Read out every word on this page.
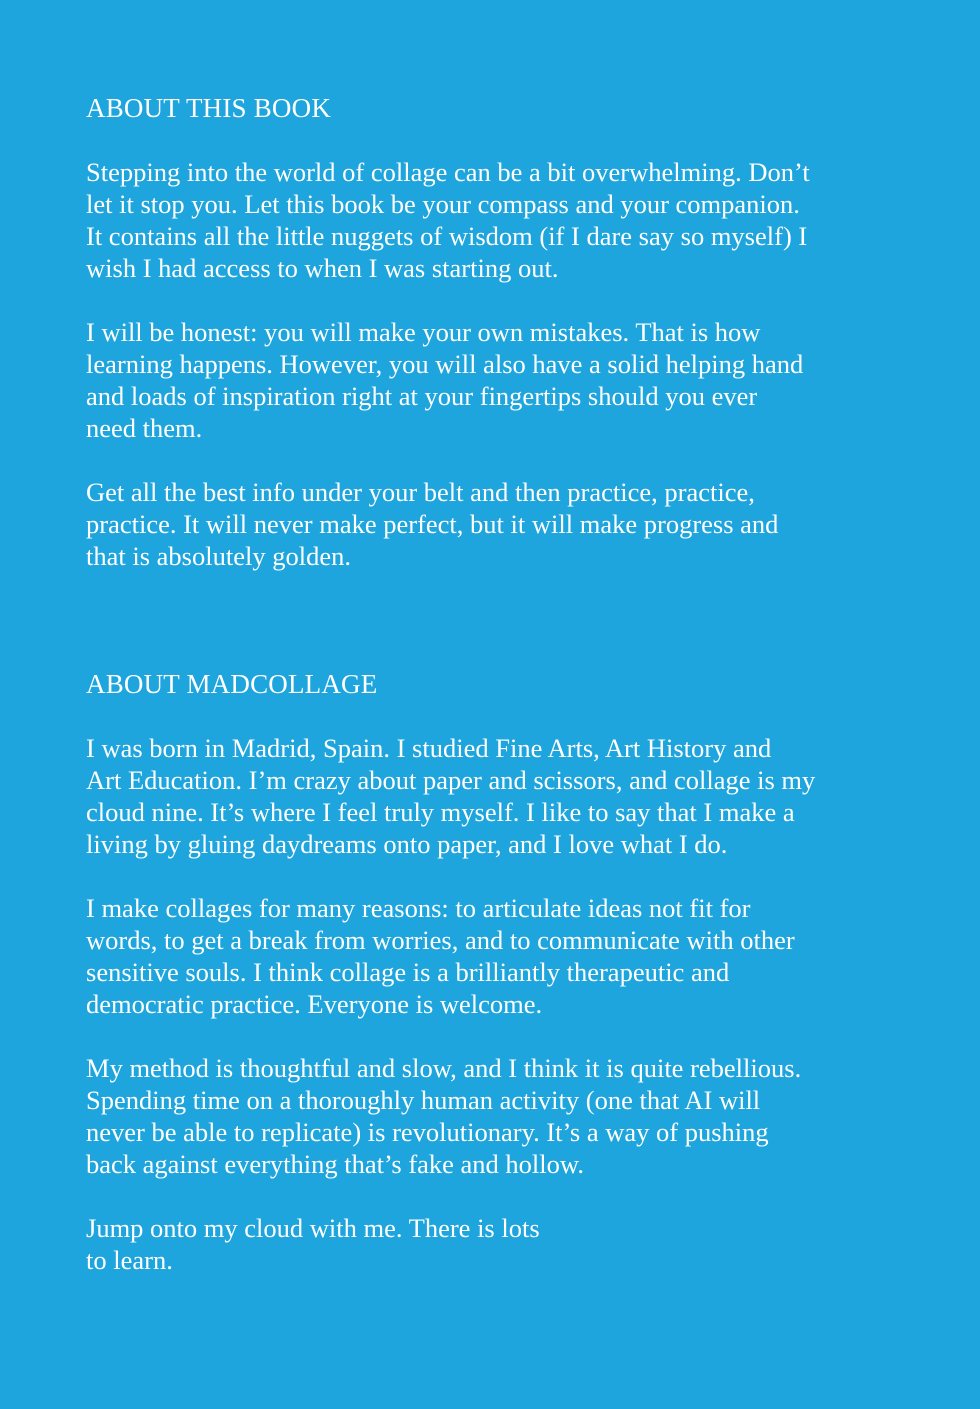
ABOUT THIS BOOK

Stepping into the world of collage can be a bit overwhelming. Don’t
let it stop you. Let this book be your compass and your companion.
It contains all the little nuggets of wisdom (if I dare say so myself) I
wish I had access to when I was starting out.

I will be honest: you will make your own mistakes. That is how
learning happens. However, you will also have a solid helping hand
and loads of inspiration right at your fingertips should you ever
need them.

Get all the best info under your belt and then practice, practice,
practice. It will never make perfect, but it will make progress and
that is absolutely golden.

ABOUT MADCOLLAGE

I was born in Madrid, Spain. I studied Fine Arts, Art History and
Art Education. I’m crazy about paper and scissors, and collage is my
cloud nine. It’s where I feel truly myself. I like to say that I make a
living by gluing daydreams onto paper, and I love what I do.

I make collages for many reasons: to articulate ideas not fit for
words, to get a break from worries, and to communicate with other
sensitive souls. I think collage is a brilliantly therapeutic and
democratic practice. Everyone is welcome.

My method is thoughtful and slow, and I think it is quite rebellious.
Spending time on a thoroughly human activity (one that AI will
never be able to replicate) is revolutionary. It’s a way of pushing
back against everything that’s fake and hollow.

Jump onto my cloud with me. There is lots
to learn.
